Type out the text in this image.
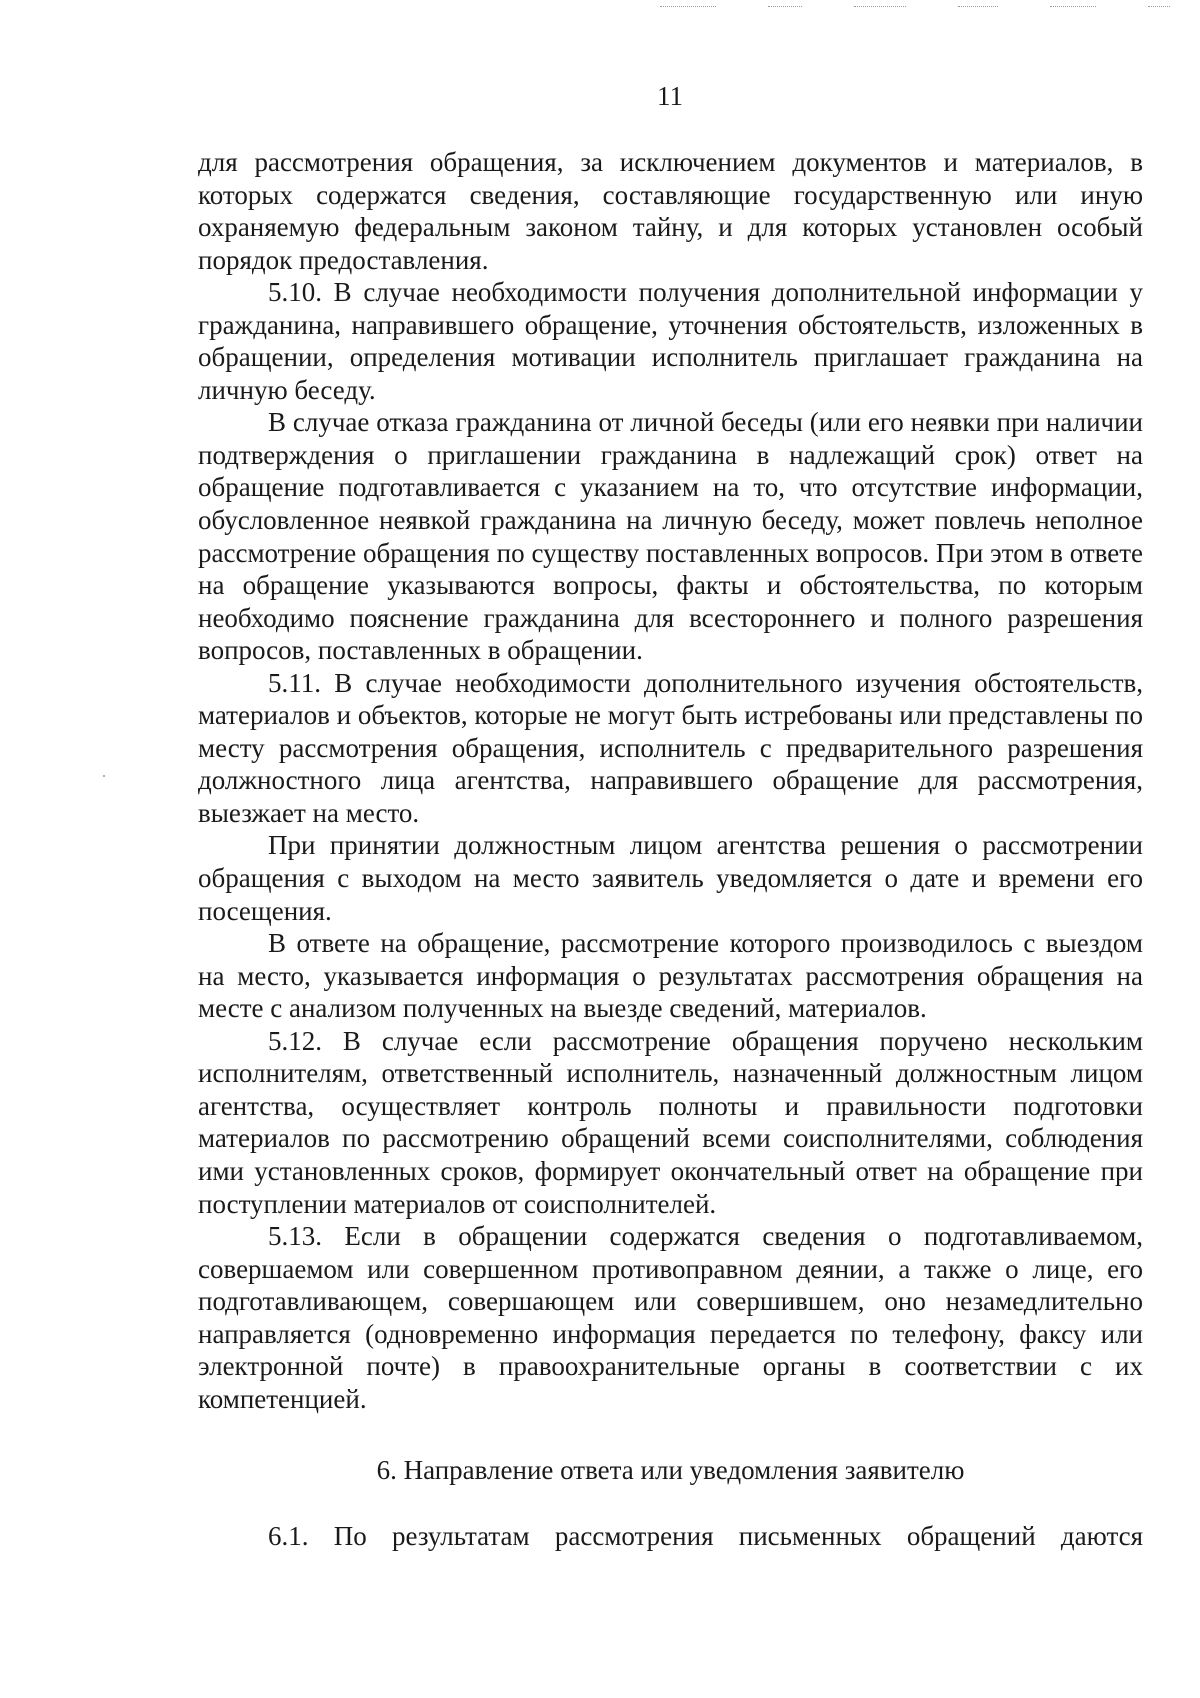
11

для рассмотрения обращения, за исключением документов и материалов, в которых содержатся сведения, составляющие государственную или иную охраняемую федеральным законом тайну, и для которых установлен особый порядок предоставления.

5.10. В случае необходимости получения дополнительной информации у гражданина, направившего обращение, уточнения обстоятельств, изложенных в обращении, определения мотивации исполнитель приглашает гражданина на личную беседу.

В случае отказа гражданина от личной беседы (или его неявки при наличии подтверждения о приглашении гражданина в надлежащий срок) ответ на обращение подготавливается с указанием на то, что отсутствие информации, обусловленное неявкой гражданина на личную беседу, может повлечь неполное рассмотрение обращения по существу поставленных вопросов. При этом в ответе на обращение указываются вопросы, факты и обстоятельства, по которым необходимо пояснение гражданина для всестороннего и полного разрешения вопросов, поставленных в обращении.

5.11. В случае необходимости дополнительного изучения обстоятельств, материалов и объектов, которые не могут быть истребованы или представлены по месту рассмотрения обращения, исполнитель с предварительного разрешения должностного лица агентства, направившего обращение для рассмотрения, выезжает на место.

При принятии должностным лицом агентства решения о рассмотрении обращения с выходом на место заявитель уведомляется о дате и времени его посещения.

В ответе на обращение, рассмотрение которого производилось с выездом на место, указывается информация о результатах рассмотрения обращения на месте с анализом полученных на выезде сведений, материалов.

5.12. В случае если рассмотрение обращения поручено нескольким исполнителям, ответственный исполнитель, назначенный должностным лицом агентства, осуществляет контроль полноты и правильности подготовки материалов по рассмотрению обращений всеми соисполнителями, соблюдения ими установленных сроков, формирует окончательный ответ на обращение при поступлении материалов от соисполнителей.

5.13. Если в обращении содержатся сведения о подготавливаемом, совершаемом или совершенном противоправном деянии, а также о лице, его подготавливающем, совершающем или совершившем, оно незамедлительно направляется (одновременно информация передается по телефону, факсу или электронной почте) в правоохранительные органы в соответствии с их компетенцией.

6. Направление ответа или уведомления заявителю

6.1. По результатам рассмотрения письменных обращений даются
